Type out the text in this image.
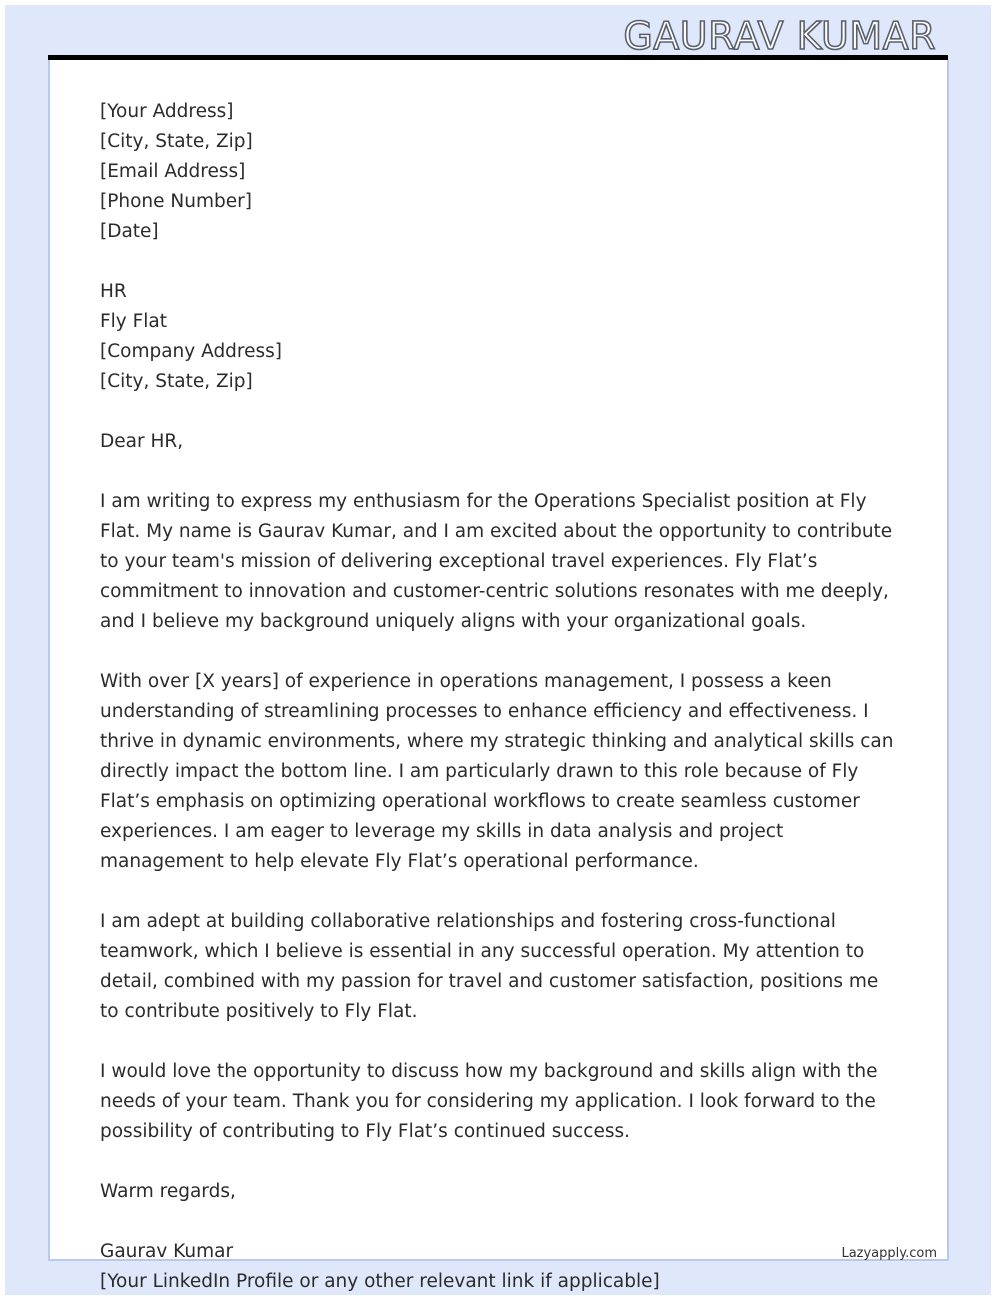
GAURAV KUMAR
[Your Address]
[City, State, Zip]
[Email Address]
[Phone Number]
[Date]
HR
Fly Flat
[Company Address]
[City, State, Zip]
Dear HR,

I am writing to express my enthusiasm for the Operations Specialist position at Fly Flat. My name is Gaurav Kumar, and I am excited about the opportunity to contribute to your team's mission of delivering exceptional travel experiences. Fly Flat’s commitment to innovation and customer-centric solutions resonates with me deeply, and I believe my background uniquely aligns with your organizational goals.

With over [X years] of experience in operations management, I possess a keen understanding of streamlining processes to enhance efficiency and effectiveness. I thrive in dynamic environments, where my strategic thinking and analytical skills can directly impact the bottom line. I am particularly drawn to this role because of Fly Flat’s emphasis on optimizing operational workflows to create seamless customer experiences. I am eager to leverage my skills in data analysis and project management to help elevate Fly Flat’s operational performance.

I am adept at building collaborative relationships and fostering cross-functional teamwork, which I believe is essential in any successful operation. My attention to detail, combined with my passion for travel and customer satisfaction, positions me to contribute positively to Fly Flat.

I would love the opportunity to discuss how my background and skills align with the needs of your team. Thank you for considering my application. I look forward to the possibility of contributing to Fly Flat’s continued success.

Warm regards,
Gaurav Kumar
[Your LinkedIn Profile or any other relevant link if applicable]
Lazyapply.com
